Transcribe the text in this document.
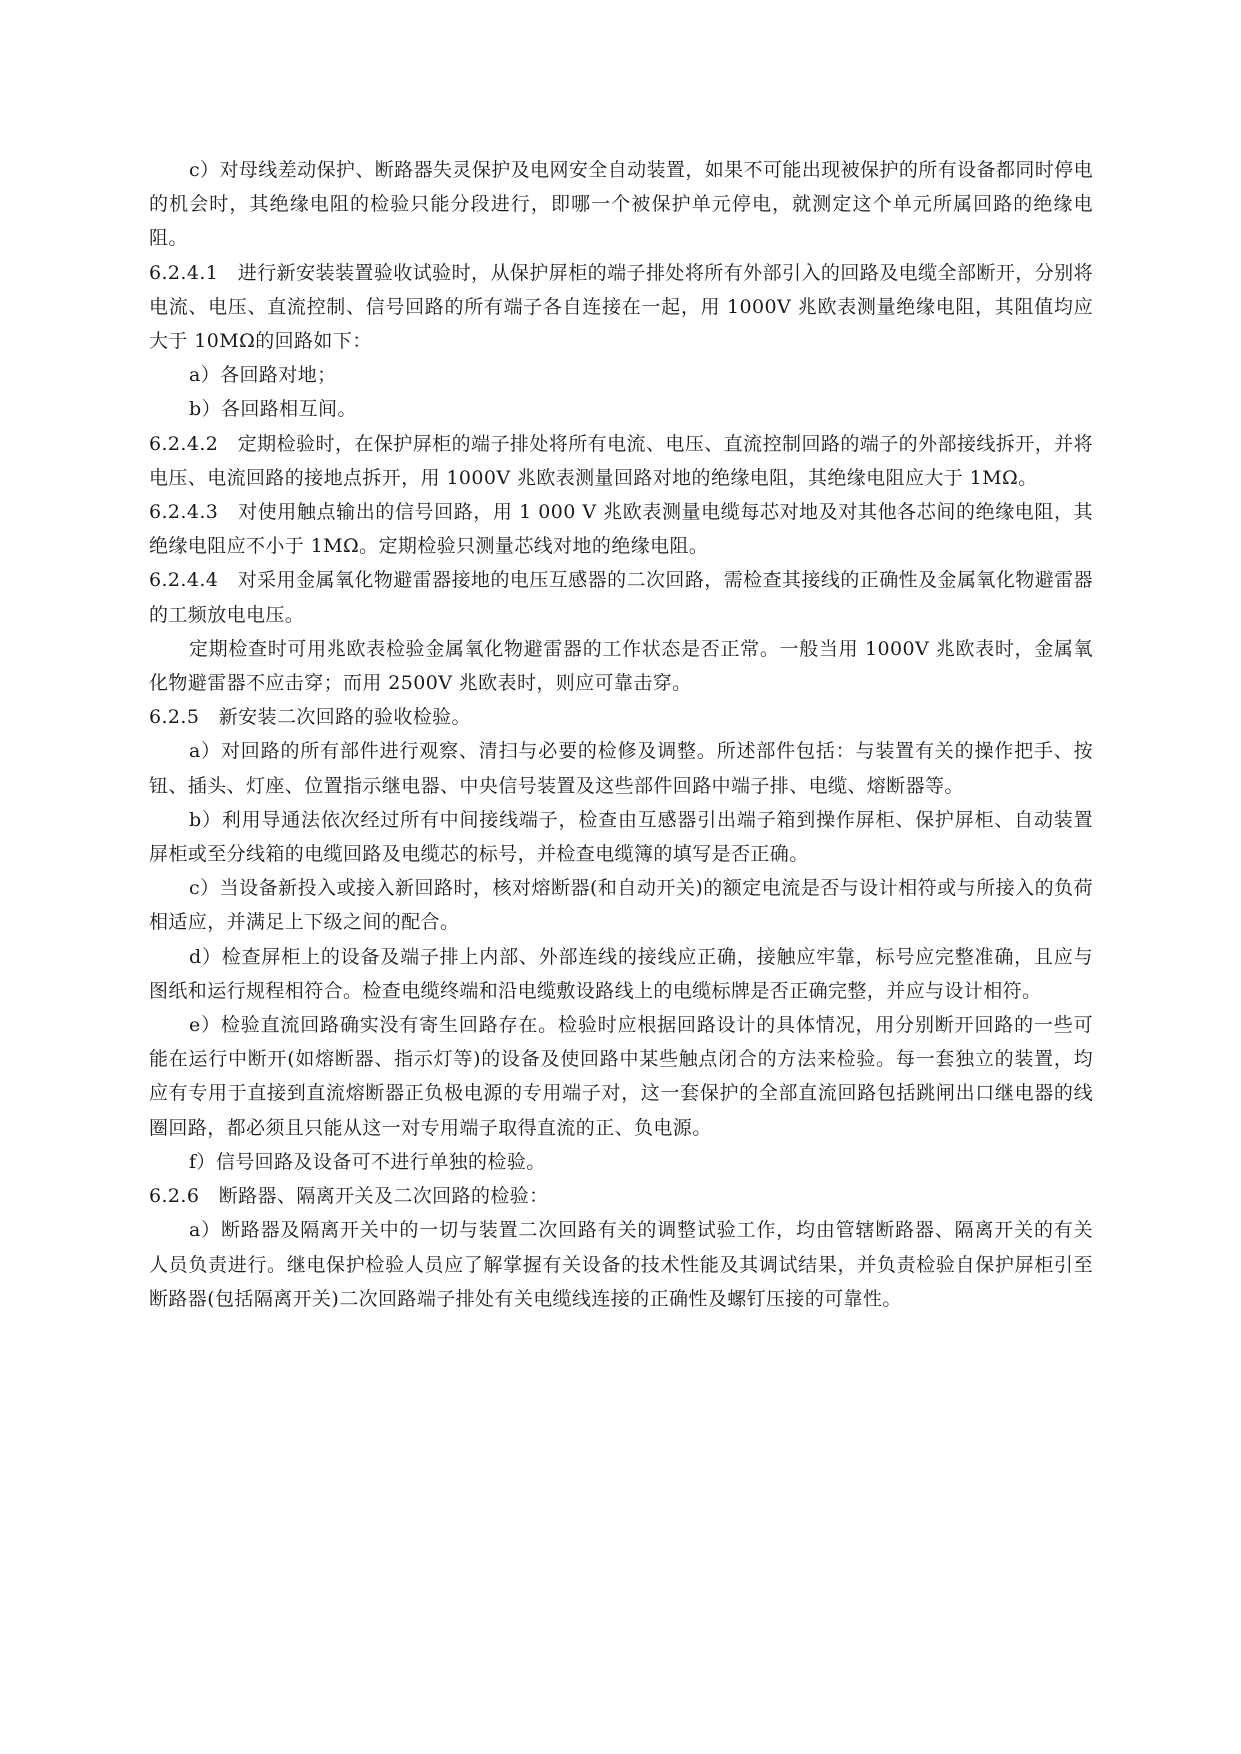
c）对母线差动保护、断路器失灵保护及电网安全自动装置，如果不可能出现被保护的所有设备都同时停电的机会时，其绝缘电阻的检验只能分段进行，即哪一个被保护单元停电，就测定这个单元所属回路的绝缘电阻。

6.2.4.1　进行新安装装置验收试验时，从保护屏柜的端子排处将所有外部引入的回路及电缆全部断开，分别将电流、电压、直流控制、信号回路的所有端子各自连接在一起，用 1000V 兆欧表测量绝缘电阻，其阻值均应大于 10MΩ的回路如下：

a）各回路对地；

b）各回路相互间。

6.2.4.2　定期检验时，在保护屏柜的端子排处将所有电流、电压、直流控制回路的端子的外部接线拆开，并将电压、电流回路的接地点拆开，用 1000V 兆欧表测量回路对地的绝缘电阻，其绝缘电阻应大于 1MΩ。

6.2.4.3　对使用触点输出的信号回路，用 1 000 V 兆欧表测量电缆每芯对地及对其他各芯间的绝缘电阻，其绝缘电阻应不小于 1MΩ。定期检验只测量芯线对地的绝缘电阻。

6.2.4.4　对采用金属氧化物避雷器接地的电压互感器的二次回路，需检查其接线的正确性及金属氧化物避雷器的工频放电电压。

定期检查时可用兆欧表检验金属氧化物避雷器的工作状态是否正常。一般当用 1000V 兆欧表时，金属氧化物避雷器不应击穿；而用 2500V 兆欧表时，则应可靠击穿。

6.2.5　新安装二次回路的验收检验。

a）对回路的所有部件进行观察、清扫与必要的检修及调整。所述部件包括：与装置有关的操作把手、按钮、插头、灯座、位置指示继电器、中央信号装置及这些部件回路中端子排、电缆、熔断器等。

b）利用导通法依次经过所有中间接线端子，检查由互感器引出端子箱到操作屏柜、保护屏柜、自动装置屏柜或至分线箱的电缆回路及电缆芯的标号，并检查电缆簿的填写是否正确。

c）当设备新投入或接入新回路时，核对熔断器(和自动开关)的额定电流是否与设计相符或与所接入的负荷相适应，并满足上下级之间的配合。

d）检查屏柜上的设备及端子排上内部、外部连线的接线应正确，接触应牢靠，标号应完整准确，且应与图纸和运行规程相符合。检查电缆终端和沿电缆敷设路线上的电缆标牌是否正确完整，并应与设计相符。

e）检验直流回路确实没有寄生回路存在。检验时应根据回路设计的具体情况，用分别断开回路的一些可能在运行中断开(如熔断器、指示灯等)的设备及使回路中某些触点闭合的方法来检验。每一套独立的装置，均应有专用于直接到直流熔断器正负极电源的专用端子对，这一套保护的全部直流回路包括跳闸出口继电器的线圈回路，都必须且只能从这一对专用端子取得直流的正、负电源。

f）信号回路及设备可不进行单独的检验。

6.2.6　断路器、隔离开关及二次回路的检验：

a）断路器及隔离开关中的一切与装置二次回路有关的调整试验工作，均由管辖断路器、隔离开关的有关人员负责进行。继电保护检验人员应了解掌握有关设备的技术性能及其调试结果，并负责检验自保护屏柜引至断路器(包括隔离开关)二次回路端子排处有关电缆线连接的正确性及螺钉压接的可靠性。
